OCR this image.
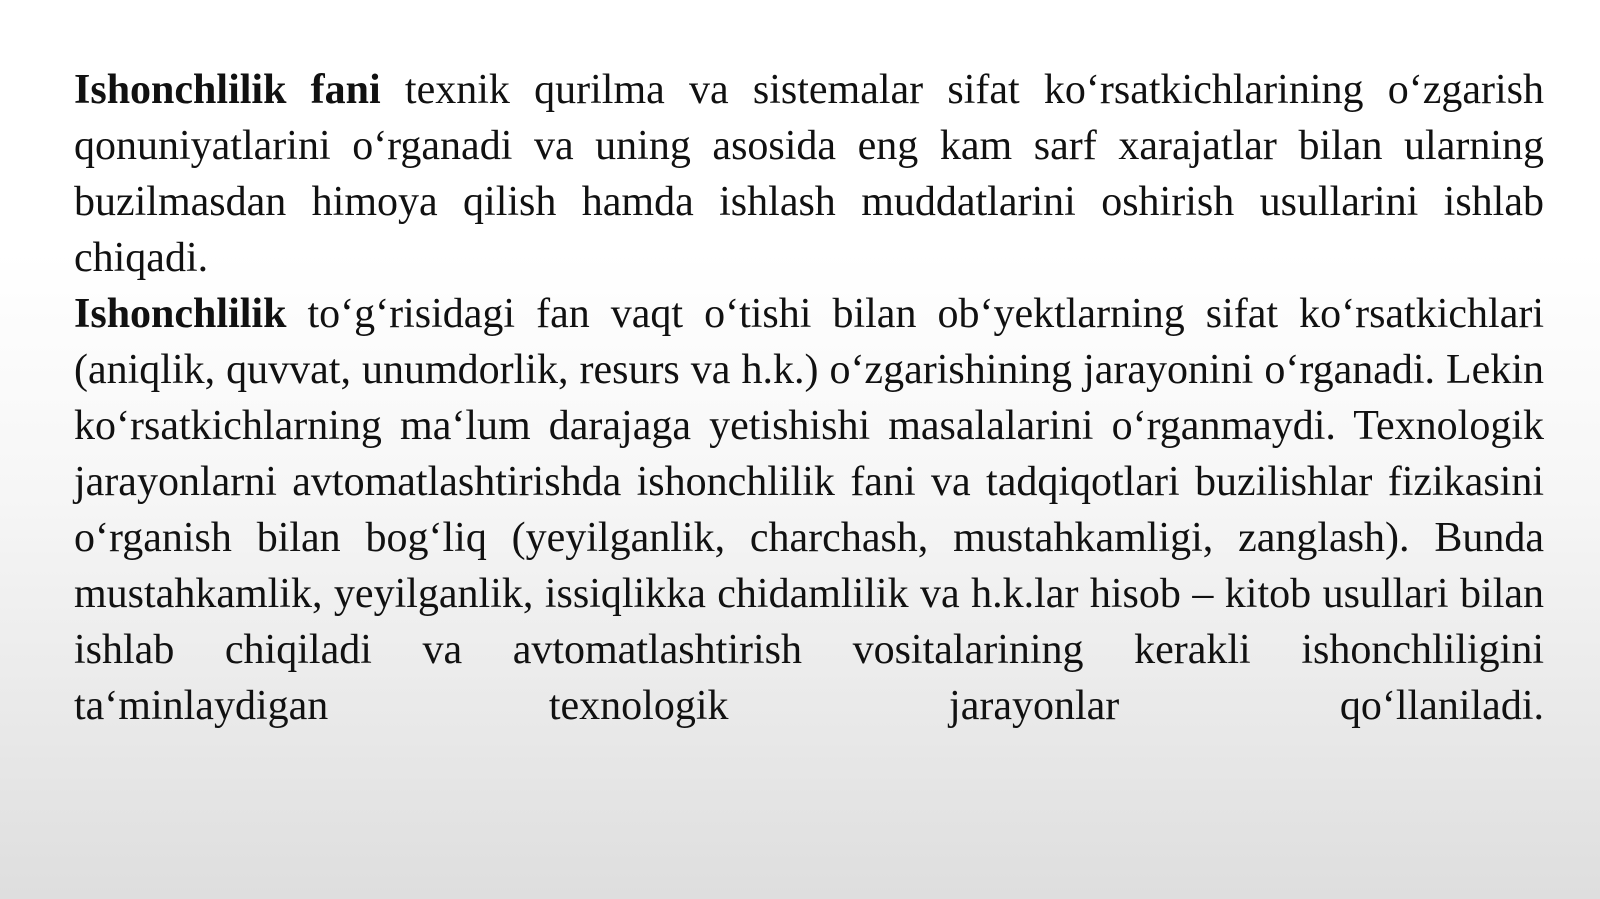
Ishonchlilik fani texnik qurilma va sistemalar sifat ko‘rsatkichlarining o‘zgarish qonuniyatlarini o‘rganadi va uning asosida eng kam sarf xarajatlar bilan ularning buzilmasdan himoya qilish hamda ishlash muddatlarini oshirish usullarini ishlab chiqadi.

Ishonchlilik to‘g‘risidagi fan vaqt o‘tishi bilan ob‘yektlarning sifat ko‘rsatkichlari (aniqlik, quvvat, unumdorlik, resurs va h.k.) o‘zgarishining jarayonini o‘rganadi. Lekin ko‘rsatkichlarning ma‘lum darajaga yetishishi masalalarini o‘rganmaydi. Texnologik jarayonlarni avtomatlashtirishda ishonchlilik fani va tadqiqotlari buzilishlar fizikasini o‘rganish bilan bog‘liq (yeyilganlik, charchash, mustahkamligi, zanglash). Bunda mustahkamlik, yeyilganlik, issiqlikka chidamlilik va h.k.lar hisob – kitob usullari bilan ishlab chiqiladi va avtomatlashtirish vositalarining kerakli ishonchliligini ta‘minlaydigan texnologik jarayonlar qo‘llaniladi.
